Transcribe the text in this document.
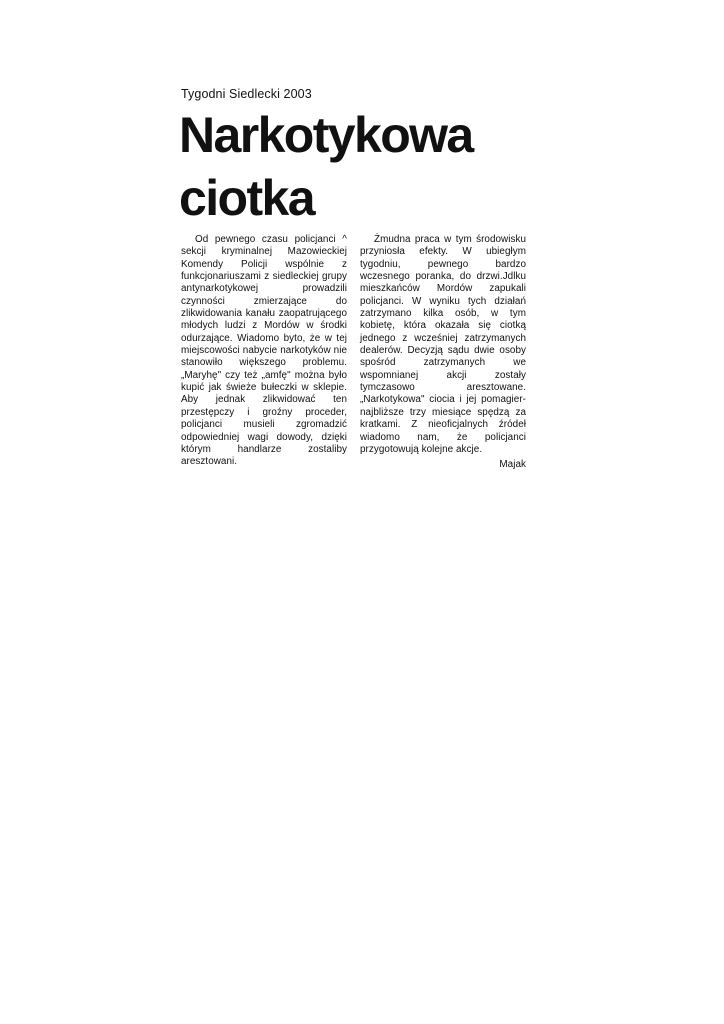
Tygodni Siedlecki 2003

Narkotykowa
ciotka

Od pewnego czasu policjanci ^ sekcji kryminalnej Mazowieckiej Komendy Policji wspólnie z funkcjonariuszami z siedleckiej grupy antynarkotykowej prowadzili czynności zmierzające do zlikwidowania kanału zaopatrującego młodych ludzi z Mordów w środki odurzające. Wiadomo byto, że w tej miejscowości nabycie narkotyków nie stanowiło większego problemu. „Maryhę" czy też „amfę" można było kupić jak świeże bułeczki w sklepie. Aby jednak zlikwidować ten przestępczy i groźny proceder, policjanci musieli zgromadzić odpowiedniej wagi dowody, dzięki którym handlarze zostaliby aresztowani.

Żmudna praca w tym środowisku przyniosła efekty. W ubiegłym tygodniu, pewnego bardzo wczesnego poranka, do drzwi.Jdlku mieszkańców Mordów zapukali policjanci. W wyniku tych działań zatrzymano kilka osób, w tym kobietę, która okazała się ciotką jednego z wcześniej zatrzymanych dealerów. Decyzją sądu dwie osoby spośród zatrzymanych we wspomnianej akcji zostały tymczasowo aresztowane. „Narkotykowa" ciocia i jej pomagier-najbliższe trzy miesiące spędzą za kratkami. Z nieoficjalnych źródeł wiadomo nam, że policjanci przygotowują kolejne akcje.

Majak
